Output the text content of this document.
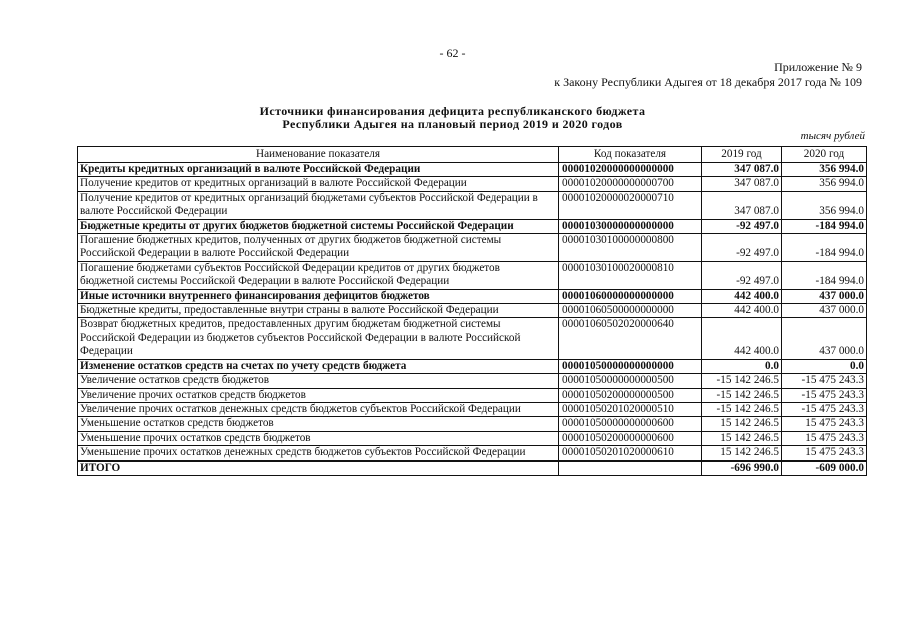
- 62 -
Приложение № 9
к Закону Республики Адыгея от 18 декабря 2017 года № 109
Источники финансирования дефицита республиканского бюджета
Республики Адыгея на плановый период 2019 и 2020 годов
тысяч рублей
Наименование показателя	Код показателя	2019 год	2020 год
Кредиты кредитных организаций в валюте Российской Федерации	00001020000000000000	347 087.0	356 994.0
Получение кредитов от кредитных организаций в валюте Российской Федерации	00001020000000000700	347 087.0	356 994.0
Получение кредитов от кредитных организаций бюджетами субъектов Российской Федерации в валюте Российской Федерации	00001020000020000710	347 087.0	356 994.0
Бюджетные кредиты от других бюджетов бюджетной системы Российской Федерации	00001030000000000000	-92 497.0	-184 994.0
Погашение бюджетных кредитов, полученных от других бюджетов бюджетной системы Российской Федерации в валюте Российской Федерации	00001030100000000800	-92 497.0	-184 994.0
Погашение бюджетами субъектов Российской Федерации кредитов от других бюджетов бюджетной системы Российской Федерации в валюте Российской Федерации	00001030100020000810	-92 497.0	-184 994.0
Иные источники внутреннего финансирования дефицитов бюджетов	00001060000000000000	442 400.0	437 000.0
Бюджетные кредиты, предоставленные внутри страны в валюте Российской Федерации	00001060500000000000	442 400.0	437 000.0
Возврат бюджетных кредитов, предоставленных другим бюджетам бюджетной системы Российской Федерации из бюджетов субъектов Российской Федерации в валюте Российской Федерации	00001060502020000640	442 400.0	437 000.0
Изменение остатков средств на счетах по учету средств бюджета	00001050000000000000	0.0	0.0
Увеличение остатков средств бюджетов	00001050000000000500	-15 142 246.5	-15 475 243.3
Увеличение прочих остатков средств бюджетов	00001050200000000500	-15 142 246.5	-15 475 243.3
Увеличение прочих остатков денежных средств бюджетов субъектов Российской Федерации	00001050201020000510	-15 142 246.5	-15 475 243.3
Уменьшение остатков средств бюджетов	00001050000000000600	15 142 246.5	15 475 243.3
Уменьшение прочих остатков средств бюджетов	00001050200000000600	15 142 246.5	15 475 243.3
Уменьшение прочих остатков денежных средств бюджетов субъектов Российской Федерации	00001050201020000610	15 142 246.5	15 475 243.3
ИТОГО		-696 990.0	-609 000.0
